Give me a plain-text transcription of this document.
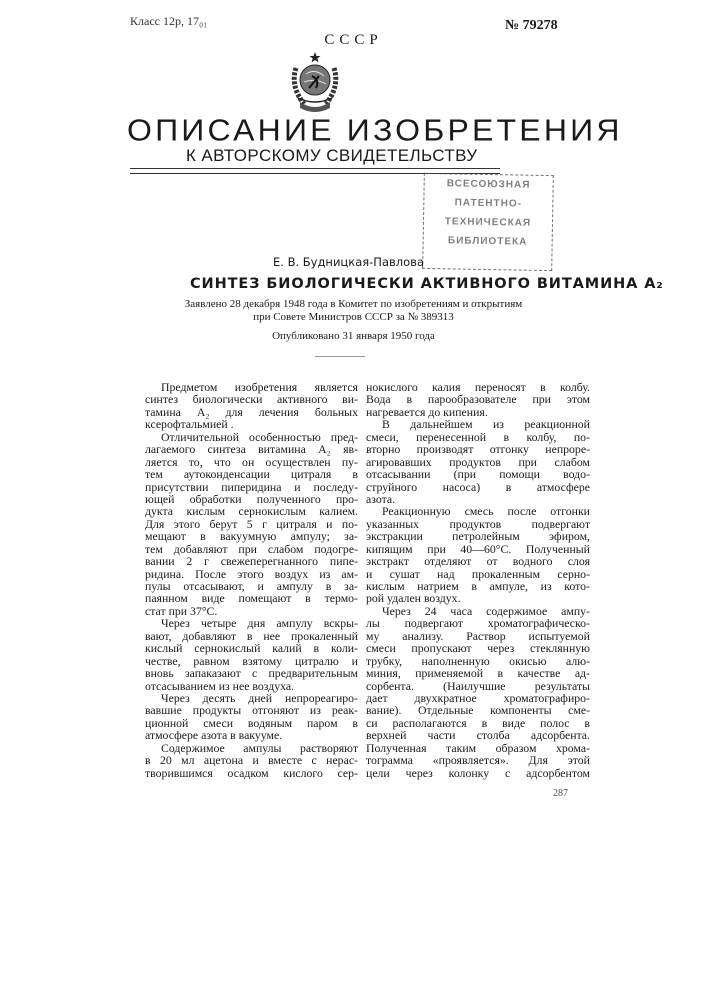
Класс 12р, 17₀₁	№ 79278
СССР
ОПИСАНИЕ ИЗОБРЕТЕНИЯ
К АВТОРСКОМУ СВИДЕТЕЛЬСТВУ
ВСЕСОЮЗНАЯ
ПАТЕНТНО-
ТЕХНИЧЕСКАЯ
БИБЛИОТЕКА
Е. В. Будницкая-Павлова
СИНТЕЗ БИОЛОГИЧЕСКИ АКТИВНОГО ВИТАМИНА A₂
Заявлено 28 декабря 1948 года в Комитет по изобретениям и открытиям
при Совете Министров СССР за № 389313
Опубликовано 31 января 1950 года
Предметом изобретения является
синтез биологически активного ви-
тамина A₂ для лечения больных
ксерофтальмией .
Отличительной особенностью пред-
лагаемого синтеза витамина A₂ яв-
ляется то, что он осуществлен пу-
тем аутоконденсации цитраля в
присутствии пиперидина и последу-
ющей обработки полученного про-
дукта кислым сернокислым калием.
Для этого берут 5 г цитраля и по-
мещают в вакуумную ампулу; за-
тем добавляют при слабом подогре-
вании 2 г свежеперегнанного пипе-
ридина. После этого воздух из ам-
пулы отсасывают, и ампулу в за-
паянном виде помещают в термо-
стат при 37°С.
Через четыре дня ампулу вскры-
вают, добавляют в нее прокаленный
кислый сернокислый калий в коли-
честве, равном взятому цитралю и
вновь запаказают с предварительным
отсасыванием из нее воздуха.
Через десять дней непрореагиро-
вавшие продукты отгоняют из реак-
ционной смеси водяным паром в
атмосфере азота в вакууме.
Содержимое ампулы растворяют
в 20 мл ацетона и вместе с нерас-
творившимся осадком кислого сер-
нокислого калия переносят в колбу.
Вода в парообразователе при этом
нагревается до кипения.
В дальнейшем из реакционной
смеси, перенесенной в колбу, по-
вторно производят отгонку непроре-
агировавших продуктов при слабом
отсасывании (при помощи водо-
струйного насоса) в атмосфере
азота.
Реакционную смесь после отгонки
указанных продуктов подвергают
экстракции петролейным эфиром,
кипящим при 40—60°С. Полученный
экстракт отделяют от водного слоя
и сушат над прокаленным серно-
кислым натрием в ампуле, из кото-
рой удален воздух.
Через 24 часа содержимое ампу-
лы подвергают хроматографическо-
му анализу. Раствор испытуемой
смеси пропускают через стеклянную
трубку, наполненную окисью алю-
миния, применяемой в качестве ад-
сорбента. (Наилучшие результаты
дает двухкратное хроматографиро-
вание). Отдельные компоненты сме-
си располагаются в виде полос в
верхней части столба адсорбента.
Полученная таким образом хрома-
тограмма «проявляется». Для этой
цели через колонку с адсорбентом
287
